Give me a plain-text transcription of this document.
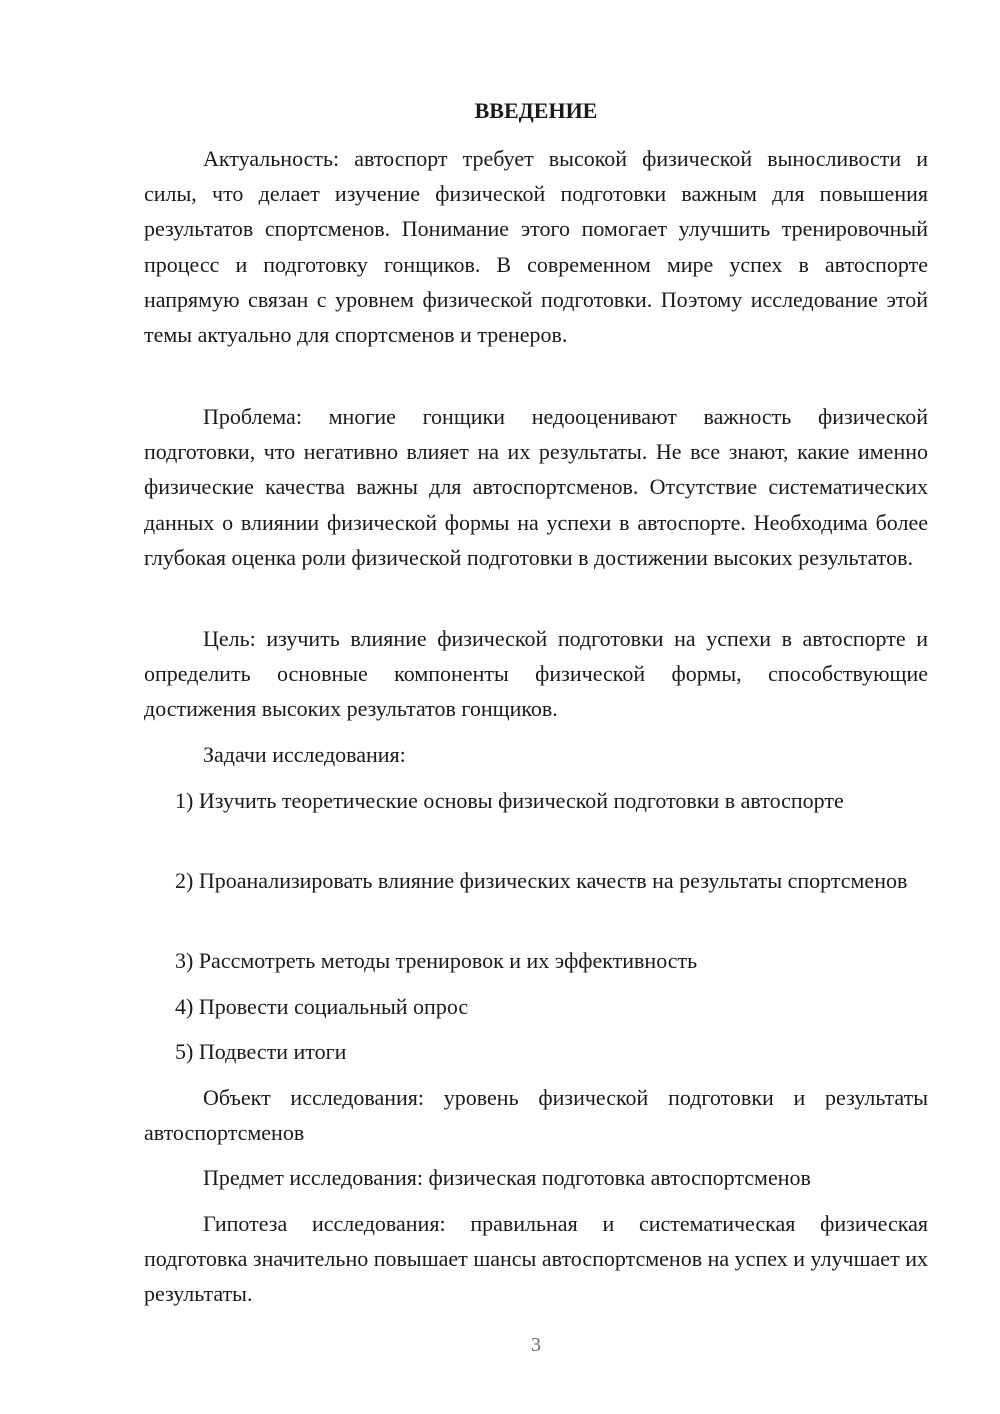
ВВЕДЕНИЕ

Актуальность: автоспорт требует высокой физической выносливости и силы, что делает изучение физической подготовки важным для повышения результатов спортсменов. Понимание этого помогает улучшить тренировочный процесс и подготовку гонщиков. В современном мире успех в автоспорте напрямую связан с уровнем физической подготовки. Поэтому исследование этой темы актуально для спортсменов и тренеров.

Проблема: многие гонщики недооценивают важность физической подготовки, что негативно влияет на их результаты. Не все знают, какие именно физические качества важны для автоспортсменов. Отсутствие систематических данных о влиянии физической формы на успехи в автоспорте. Необходима более глубокая оценка роли физической подготовки в достижении высоких результатов.

Цель: изучить влияние физической подготовки на успехи в автоспорте и определить основные компоненты физической формы, способствующие достижения высоких результатов гонщиков.

Задачи исследования:

1) Изучить теоретические основы физической подготовки в автоспорте

2) Проанализировать влияние физических качеств на результаты спортсменов

3) Рассмотреть методы тренировок и их эффективность

4) Провести социальный опрос

5) Подвести итоги

Объект исследования: уровень физической подготовки и результаты автоспортсменов

Предмет исследования: физическая подготовка автоспортсменов

Гипотеза исследования: правильная и систематическая физическая подготовка значительно повышает шансы автоспортсменов на успех и улучшает их результаты.

3
